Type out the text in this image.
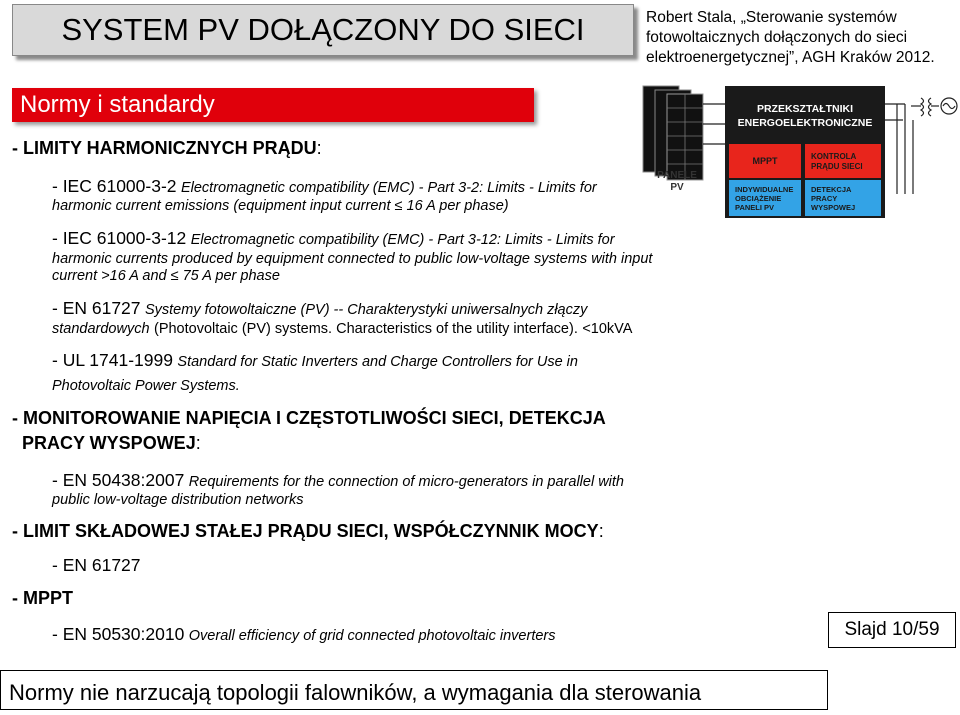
SYSTEM PV DOŁĄCZONY DO SIECI	Robert Stala, „Sterowanie systemów
fotowoltaicznych dołączonych do sieci
elektroenergetycznej”, AGH Kraków 2012.
Normy i standardy
- LIMITY HARMONICZNYCH PRĄDU:
- IEC 61000-3-2 Electromagnetic compatibility (EMC) - Part 3-2: Limits - Limits for
harmonic current emissions (equipment input current ≤ 16 A per phase)
- IEC 61000-3-12 Electromagnetic compatibility (EMC) - Part 3-12: Limits - Limits for
harmonic currents produced by equipment connected to public low-voltage systems with input
current >16 A and ≤ 75 A per phase
- EN 61727 Systemy fotowoltaiczne (PV) -- Charakterystyki uniwersalnych złączy
standardowych (Photovoltaic (PV) systems. Characteristics of the utility interface). <10kVA
- UL 1741-1999 Standard for Static Inverters and Charge Controllers for Use in
Photovoltaic Power Systems.
- MONITOROWANIE NAPIĘCIA I CZĘSTOTLIWOŚCI SIECI, DETEKCJA
PRACY WYSPOWEJ:
- EN 50438:2007 Requirements for the connection of micro-generators in parallel with
public low-voltage distribution networks
- LIMIT SKŁADOWEJ STAŁEJ PRĄDU SIECI, WSPÓŁCZYNNIK MOCY:
- EN 61727
- MPPT
- EN 50530:2010 Overall efficiency of grid connected photovoltaic inverters
PANELE
PV
PRZEKSZTAŁTNIKI
ENERGOELEKTRONICZNE
MPPT	KONTROLA
PRĄDU SIECI
INDYWIDUALNE
OBCIĄŻENIE
PANELI PV
DETEKCJA
PRACY
WYSPOWEJ
Slajd 10/59
Normy nie narzucają topologii falowników, a wymagania dla sterowania
